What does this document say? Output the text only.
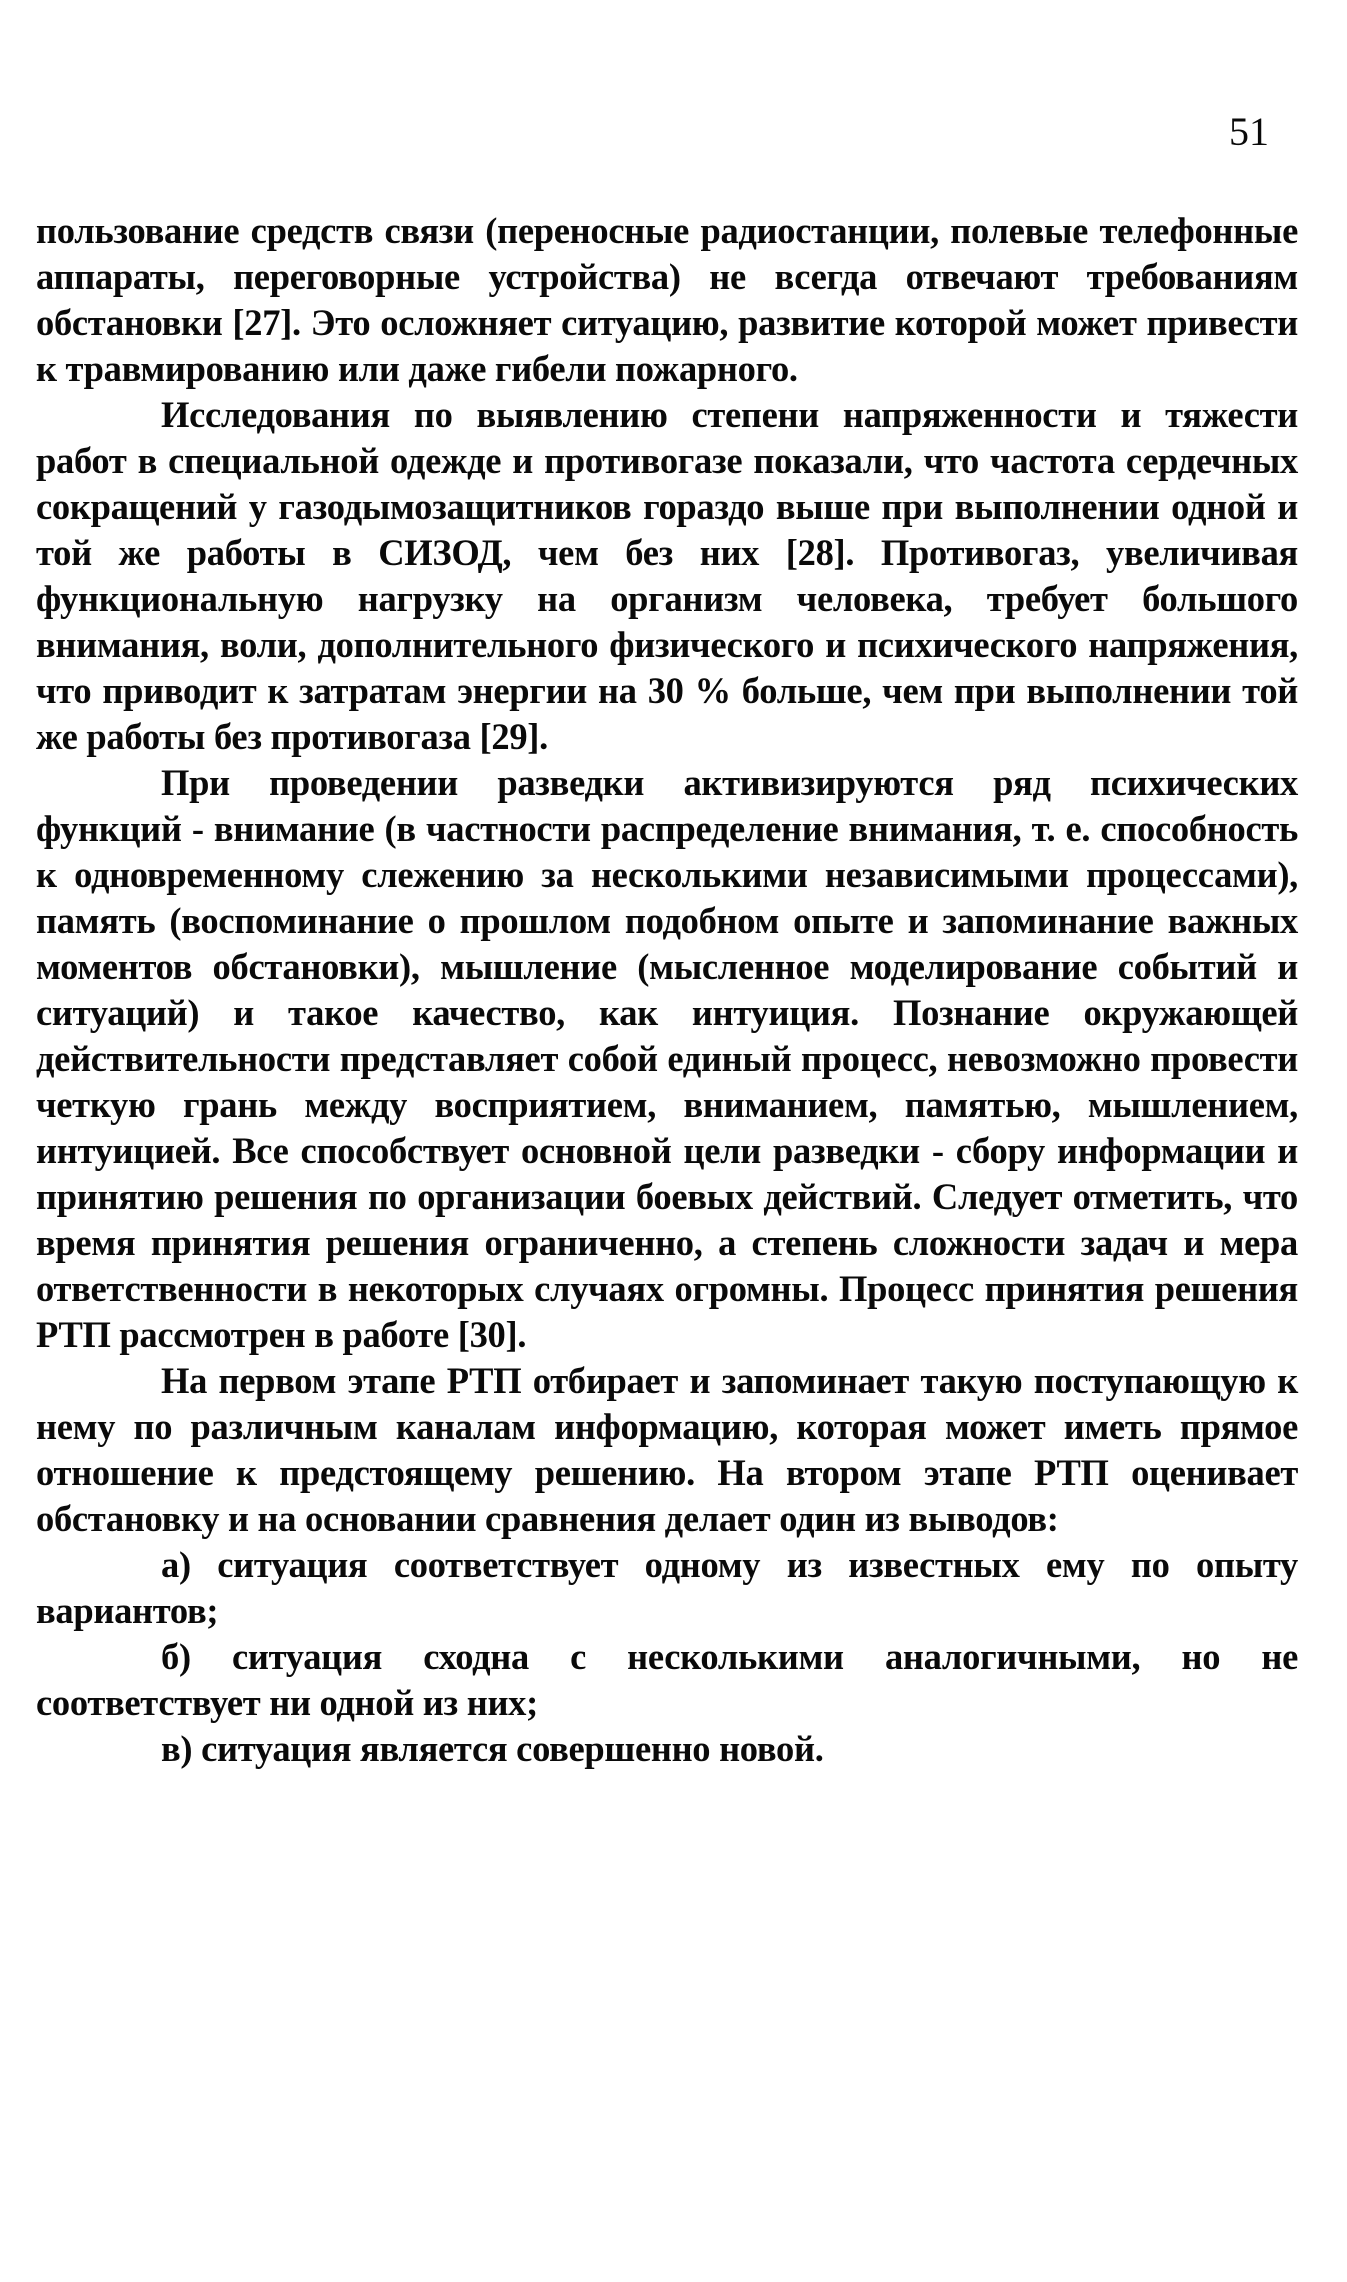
51

пользование средств связи (переносные радиостанции, полевые телефонные аппараты, переговорные устройства) не всегда отвечают требованиям обстановки [27]. Это осложняет ситуацию, развитие которой может привести к травмированию или даже гибели пожарного.

Исследования по выявлению степени напряженности и тяжести работ в специальной одежде и противогазе показали, что частота сердечных сокращений у газодымозащитников гораздо выше при выполнении одной и той же работы в СИЗОД, чем без них [28]. Противогаз, увеличивая функциональную нагрузку на организм человека, требует большого внимания, воли, дополнительного физического и психического напряжения, что приводит к затратам энергии на 30 % больше, чем при выполнении той же работы без противогаза [29].

При проведении разведки активизируются ряд психических функций - внимание (в частности распределение внимания, т. е. способность к одновременному слежению за несколькими независимыми процессами), память (воспоминание о прошлом подобном опыте и запоминание важных моментов обстановки), мышление (мысленное моделирование событий и ситуаций) и такое качество, как интуиция. Познание окружающей действительности представляет собой единый процесс, невозможно провести четкую грань между восприятием, вниманием, памятью, мышлением, интуицией. Все способствует основной цели разведки - сбору информации и принятию решения по организации боевых действий. Следует отметить, что время принятия решения ограниченно, а степень сложности задач и мера ответственности в некоторых случаях огромны. Процесс принятия решения РТП рассмотрен в работе [30].

На первом этапе РТП отбирает и запоминает такую поступающую к нему по различным каналам информацию, которая может иметь прямое отношение к предстоящему решению. На втором этапе РТП оценивает обстановку и на основании сравнения делает один из выводов:

а) ситуация соответствует одному из известных ему по опыту вариантов;

б) ситуация сходна с несколькими аналогичными, но не соответствует ни одной из них;

в) ситуация является совершенно новой.
